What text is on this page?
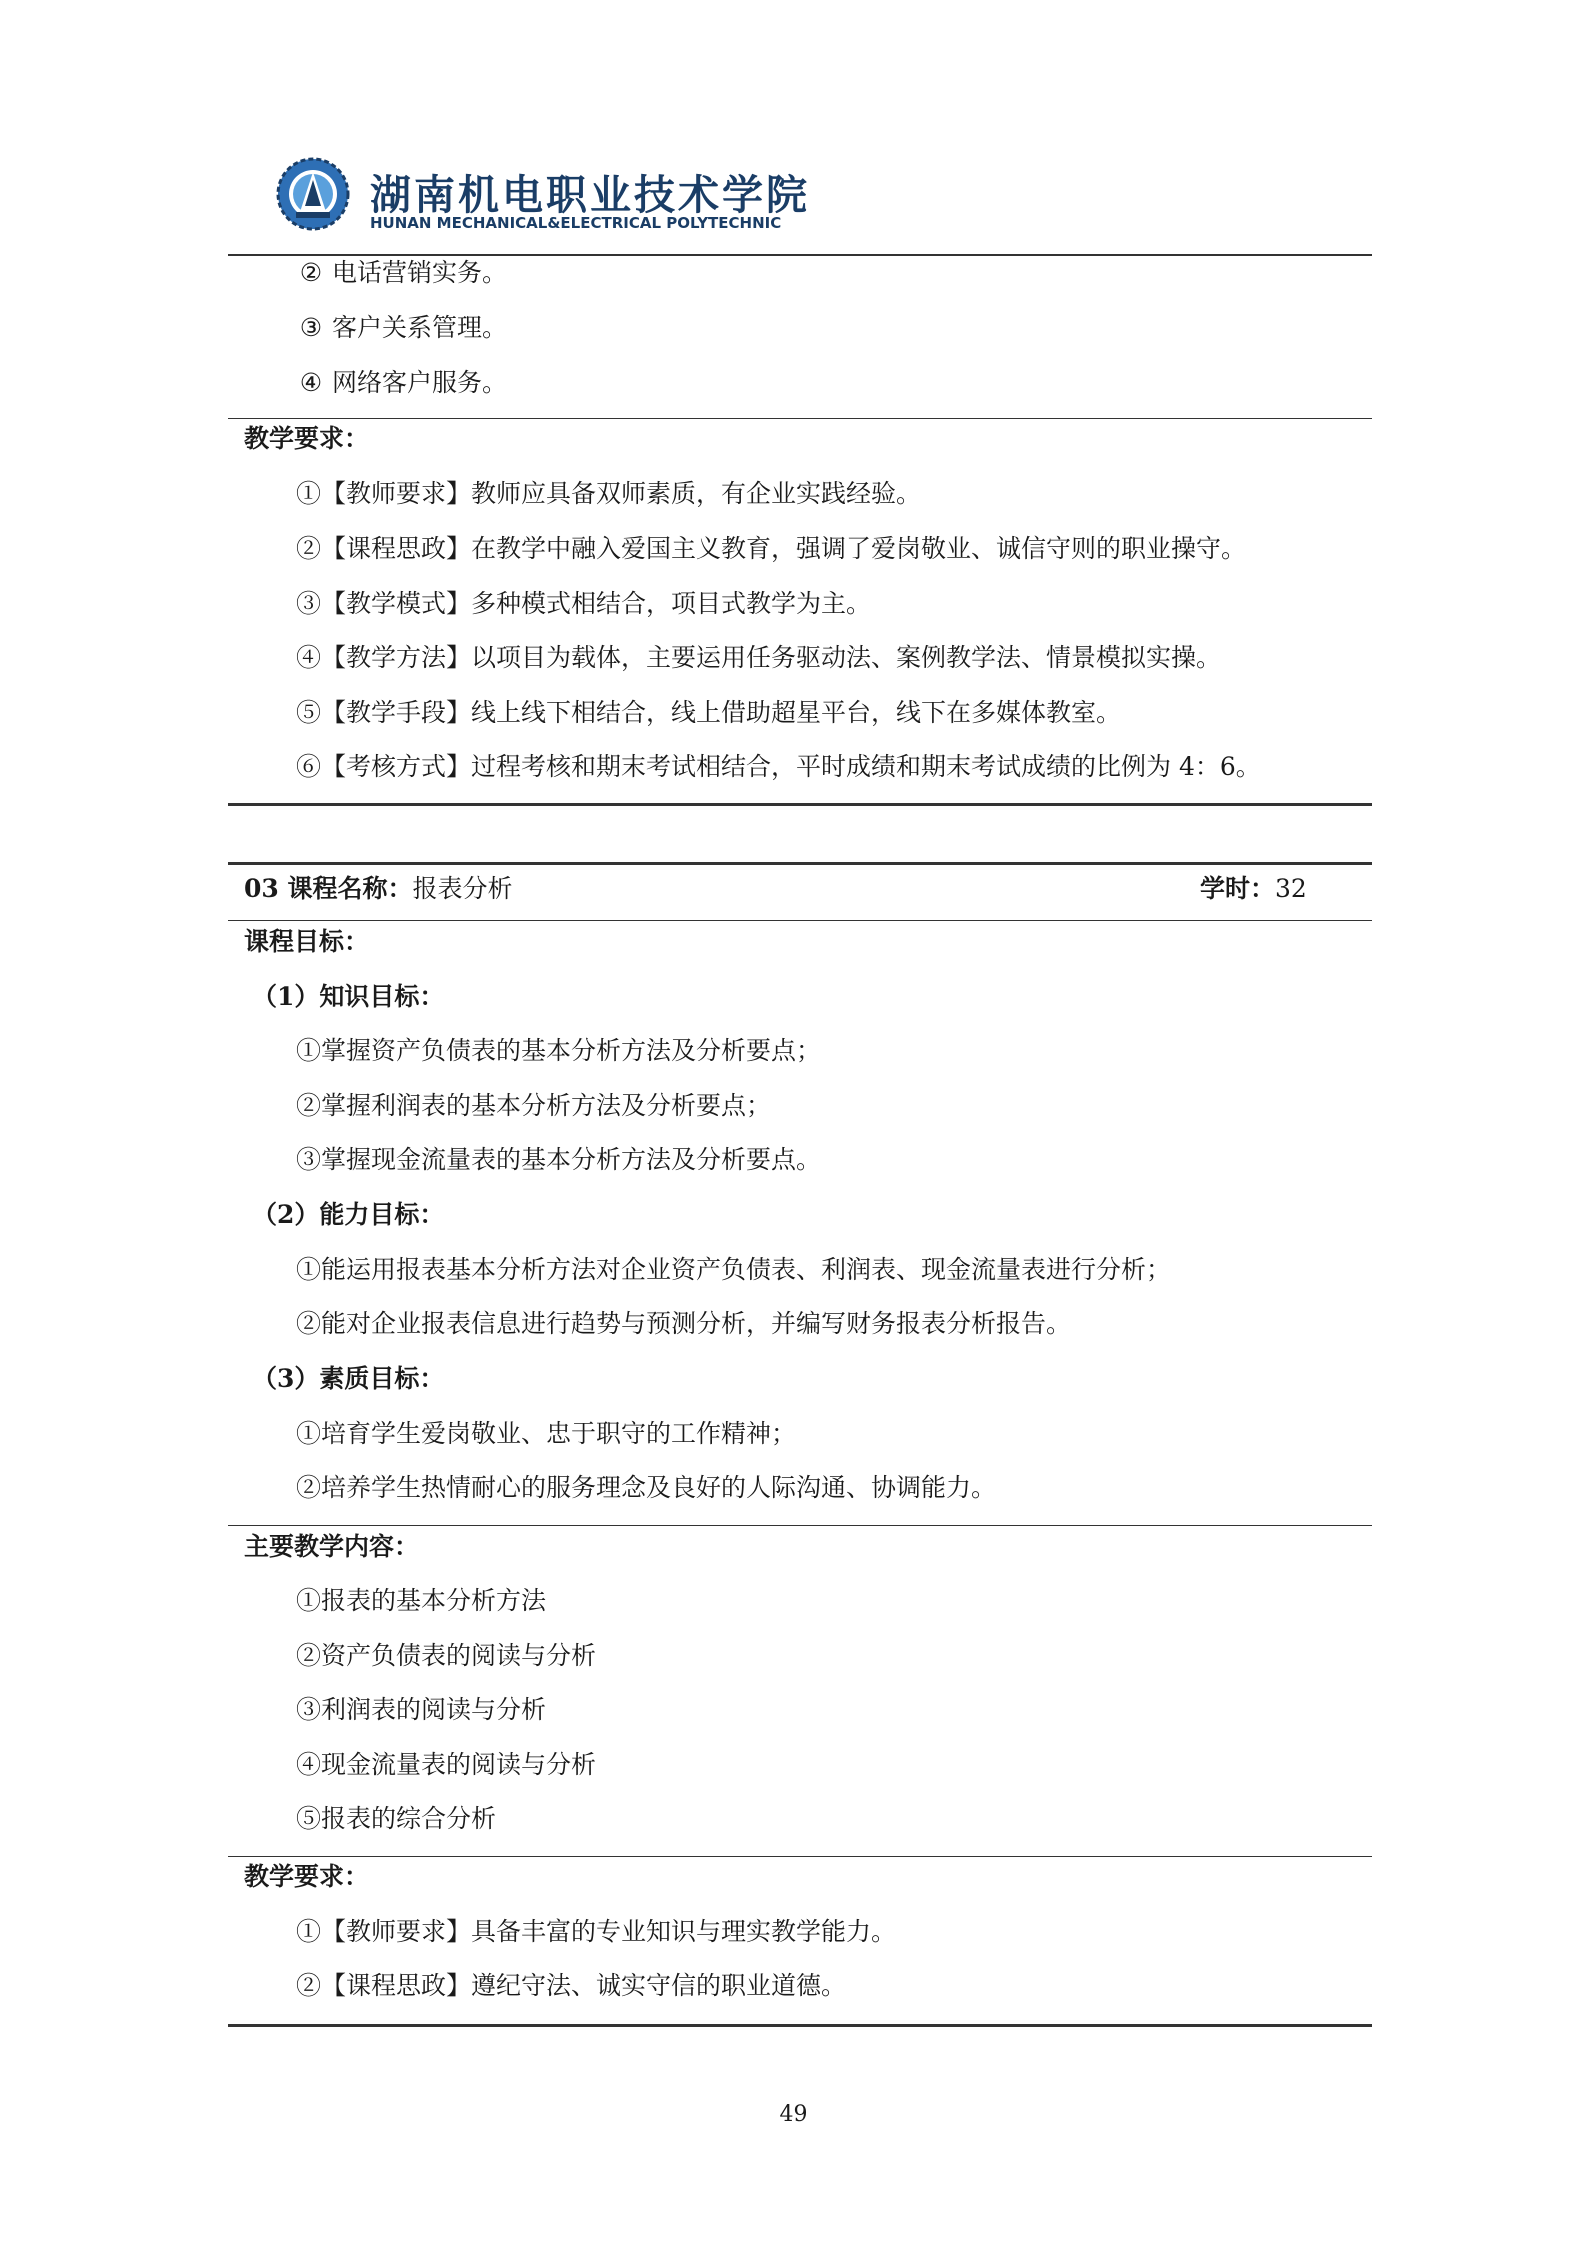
湖南机电职业技术学院
HUNAN MECHANICAL&ELECTRICAL POLYTECHNIC
② 电话营销实务。
③ 客户关系管理。
④ 网络客户服务。
教学要求：
①【教师要求】教师应具备双师素质，有企业实践经验。
②【课程思政】在教学中融入爱国主义教育，强调了爱岗敬业、诚信守则的职业操守。
③【教学模式】多种模式相结合，项目式教学为主。
④【教学方法】以项目为载体，主要运用任务驱动法、案例教学法、情景模拟实操。
⑤【教学手段】线上线下相结合，线上借助超星平台，线下在多媒体教室。
⑥【考核方式】过程考核和期末考试相结合，平时成绩和期末考试成绩的比例为 4：6。
03 课程名称：报表分析	学时：32
课程目标：
（1）知识目标：
①掌握资产负债表的基本分析方法及分析要点；
②掌握利润表的基本分析方法及分析要点；
③掌握现金流量表的基本分析方法及分析要点。
（2）能力目标：
①能运用报表基本分析方法对企业资产负债表、利润表、现金流量表进行分析；
②能对企业报表信息进行趋势与预测分析，并编写财务报表分析报告。
（3）素质目标：
①培育学生爱岗敬业、忠于职守的工作精神；
②培养学生热情耐心的服务理念及良好的人际沟通、协调能力。
主要教学内容：
①报表的基本分析方法
②资产负债表的阅读与分析
③利润表的阅读与分析
④现金流量表的阅读与分析
⑤报表的综合分析
教学要求：
①【教师要求】具备丰富的专业知识与理实教学能力。
②【课程思政】遵纪守法、诚实守信的职业道德。
49
